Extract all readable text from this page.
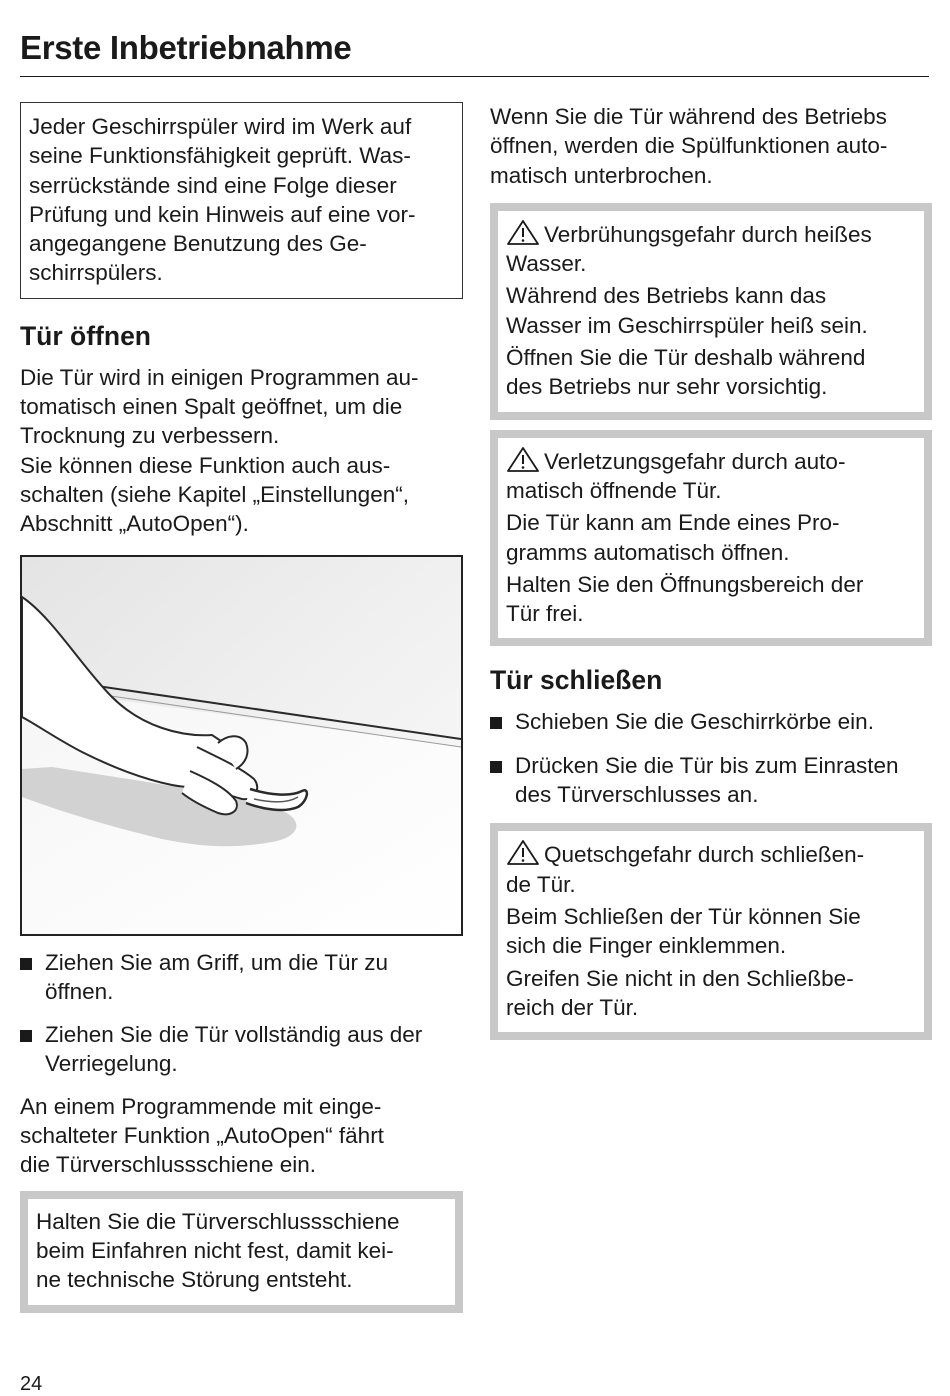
Erste Inbetriebnahme

Jeder Geschirrspüler wird im Werk auf
seine Funktionsfähigkeit geprüft. Was-
serrückstände sind eine Folge dieser
Prüfung und kein Hinweis auf eine vor-
angegangene Benutzung des Ge-
schirrspülers.

Tür öffnen

Die Tür wird in einigen Programmen au-
tomatisch einen Spalt geöffnet, um die
Trocknung zu verbessern.
Sie können diese Funktion auch aus-
schalten (siehe Kapitel „Einstellungen“,
Abschnitt „AutoOpen“).

Ziehen Sie am Griff, um die Tür zu
öffnen.
Ziehen Sie die Tür vollständig aus der
Verriegelung.

An einem Programmende mit einge-
schalteter Funktion „AutoOpen“ fährt
die Türverschlussschiene ein.

Halten Sie die Türverschlussschiene
beim Einfahren nicht fest, damit kei-
ne technische Störung entsteht.

Wenn Sie die Tür während des Betriebs
öffnen, werden die Spülfunktionen auto-
matisch unterbrochen.

Verbrühungsgefahr durch heißes
Wasser.

Während des Betriebs kann das
Wasser im Geschirrspüler heiß sein.

Öffnen Sie die Tür deshalb während
des Betriebs nur sehr vorsichtig.

Verletzungsgefahr durch auto-
matisch öffnende Tür.

Die Tür kann am Ende eines Pro-
gramms automatisch öffnen.

Halten Sie den Öffnungsbereich der
Tür frei.

Tür schließen
Schieben Sie die Geschirrkörbe ein.
Drücken Sie die Tür bis zum Einrasten
des Türverschlusses an.

Quetschgefahr durch schließen-
de Tür.

Beim Schließen der Tür können Sie
sich die Finger einklemmen.

Greifen Sie nicht in den Schließbe-
reich der Tür.

24
